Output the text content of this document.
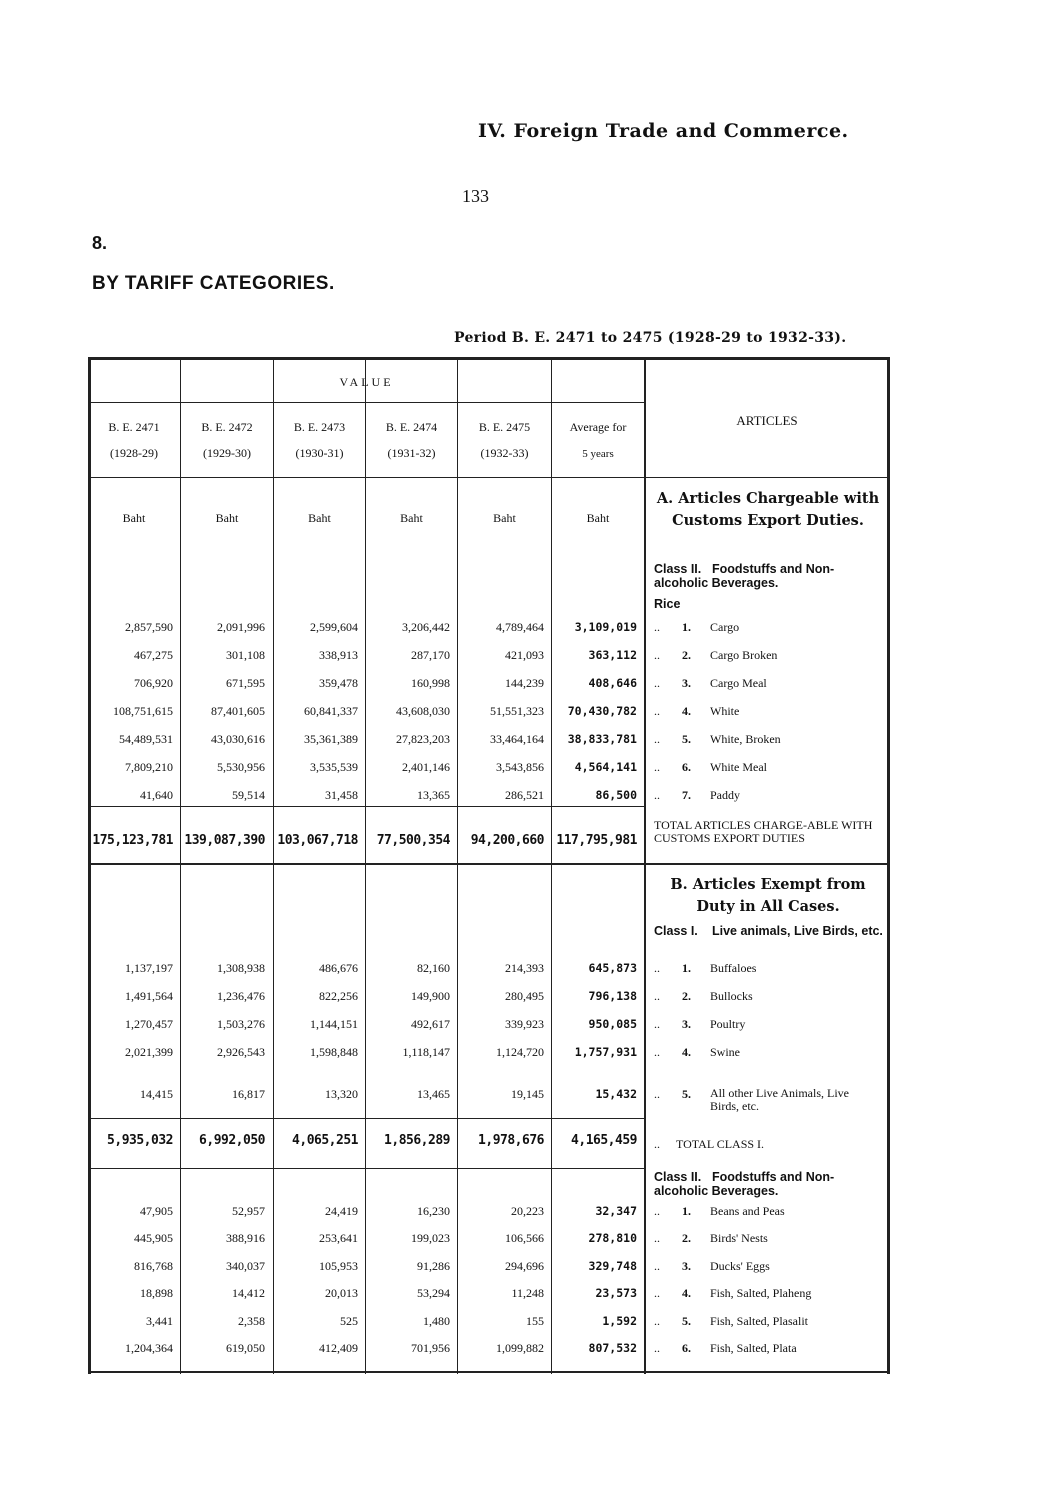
IV. Foreign Trade and Commerce.
133
8.
BY TARIFF CATEGORIES.
Period B. E. 2471 to 2475 (1928-29 to 1932-33).
VALUE
ARTICLES
B. E. 2471
(1928-29)
B. E. 2472
(1929-30)
B. E. 2473
(1930-31)
B. E. 2474
(1931-32)
B. E. 2475
(1932-33)
Average for
5 years
Baht	Baht	Baht	Baht	Baht	Baht
A. Articles Chargeable with Customs Export Duties.
Class II. Foodstuffs and Non-alcoholic Beverages.
Rice
2,857,590	2,091,996	2,599,604	3,206,442	4,789,464	3,109,019 .. 1. Cargo
467,275	301,108	338,913	287,170	421,093	363,112 .. 2. Cargo Broken
706,920	671,595	359,478	160,998	144,239	408,646 .. 3. Cargo Meal
108,751,615	87,401,605	60,841,337	43,608,030	51,551,323	70,430,782 .. 4. White
54,489,531	43,030,616	35,361,389	27,823,203	33,464,164	38,833,781 .. 5. White, Broken
7,809,210	5,530,956	3,535,539	2,401,146	3,543,856	4,564,141 .. 6. White Meal
41,640	59,514	31,458	13,365	286,521	86,500 .. 7. Paddy
TOTAL ARTICLES CHARGE-ABLE WITH CUSTOMS EXPORT DUTIES
175,123,781 139,087,390 103,067,718	77,500,354	94,200,660 117,795,981
B. Articles Exempt from Duty in All Cases.
Class I. Live animals, Live Birds, etc.
1,137,197	1,308,938	486,676	82,160	214,393	645,873 .. 1. Buffaloes
1,491,564	1,236,476	822,256	149,900	280,495	796,138 .. 2. Bullocks
1,270,457	1,503,276	1,144,151	492,617	339,923	950,085 .. 3. Poultry
2,021,399	2,926,543	1,598,848	1,118,147	1,124,720	1,757,931 .. 4. Swine
14,415	16,817	13,320	13,465	19,145	15,432 .. 5. All other Live Animals, Live Birds, etc.
.. TOTAL CLASS I.
5,935,032	6,992,050	4,065,251	1,856,289	1,978,676	4,165,459
Class II. Foodstuffs and Non-alcoholic Beverages.
47,905	52,957	24,419	16,230	20,223	32,347 .. 1. Beans and Peas
445,905	388,916	253,641	199,023	106,566	278,810 .. 2. Birds' Nests
816,768	340,037	105,953	91,286	294,696	329,748 .. 3. Ducks' Eggs
18,898	14,412	20,013	53,294	11,248	23,573 .. 4. Fish, Salted, Plaheng
3,441	2,358	525	1,480	155	1,592 .. 5. Fish, Salted, Plasalit
1,204,364	619,050	412,409	701,956	1,099,882	807,532 .. 6. Fish, Salted, Plata
